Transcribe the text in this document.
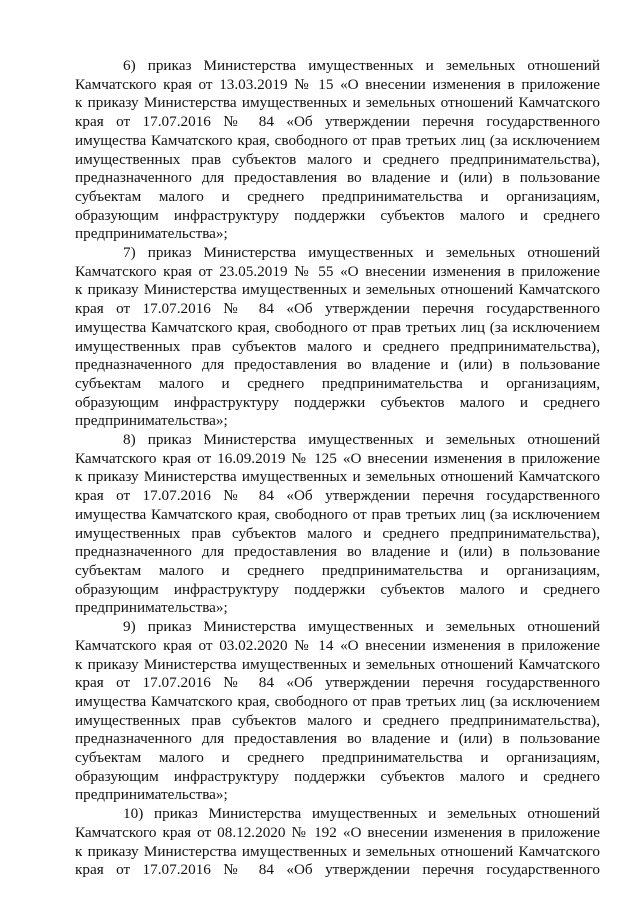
6) приказ Министерства имущественных и земельных отношений
Камчатского края от 13.03.2019 № 15 «О внесении изменения в приложение
к приказу Министерства имущественных и земельных отношений Камчатского
края от 17.07.2016 № 84 «Об утверждении перечня государственного
имущества Камчатского края, свободного от прав третьих лиц (за исключением
имущественных прав субъектов малого и среднего предпринимательства),
предназначенного для предоставления во владение и (или) в пользование
субъектам малого и среднего предпринимательства и организациям,
образующим инфраструктуру поддержки субъектов малого и среднего
предпринимательства»;
7) приказ Министерства имущественных и земельных отношений
Камчатского края от 23.05.2019 № 55 «О внесении изменения в приложение
к приказу Министерства имущественных и земельных отношений Камчатского
края от 17.07.2016 № 84 «Об утверждении перечня государственного
имущества Камчатского края, свободного от прав третьих лиц (за исключением
имущественных прав субъектов малого и среднего предпринимательства),
предназначенного для предоставления во владение и (или) в пользование
субъектам малого и среднего предпринимательства и организациям,
образующим инфраструктуру поддержки субъектов малого и среднего
предпринимательства»;
8) приказ Министерства имущественных и земельных отношений
Камчатского края от 16.09.2019 № 125 «О внесении изменения в приложение
к приказу Министерства имущественных и земельных отношений Камчатского
края от 17.07.2016 № 84 «Об утверждении перечня государственного
имущества Камчатского края, свободного от прав третьих лиц (за исключением
имущественных прав субъектов малого и среднего предпринимательства),
предназначенного для предоставления во владение и (или) в пользование
субъектам малого и среднего предпринимательства и организациям,
образующим инфраструктуру поддержки субъектов малого и среднего
предпринимательства»;
9) приказ Министерства имущественных и земельных отношений
Камчатского края от 03.02.2020 № 14 «О внесении изменения в приложение
к приказу Министерства имущественных и земельных отношений Камчатского
края от 17.07.2016 № 84 «Об утверждении перечня государственного
имущества Камчатского края, свободного от прав третьих лиц (за исключением
имущественных прав субъектов малого и среднего предпринимательства),
предназначенного для предоставления во владение и (или) в пользование
субъектам малого и среднего предпринимательства и организациям,
образующим инфраструктуру поддержки субъектов малого и среднего
предпринимательства»;
10) приказ Министерства имущественных и земельных отношений
Камчатского края от 08.12.2020 № 192 «О внесении изменения в приложение
к приказу Министерства имущественных и земельных отношений Камчатского
края от 17.07.2016 № 84 «Об утверждении перечня государственного
